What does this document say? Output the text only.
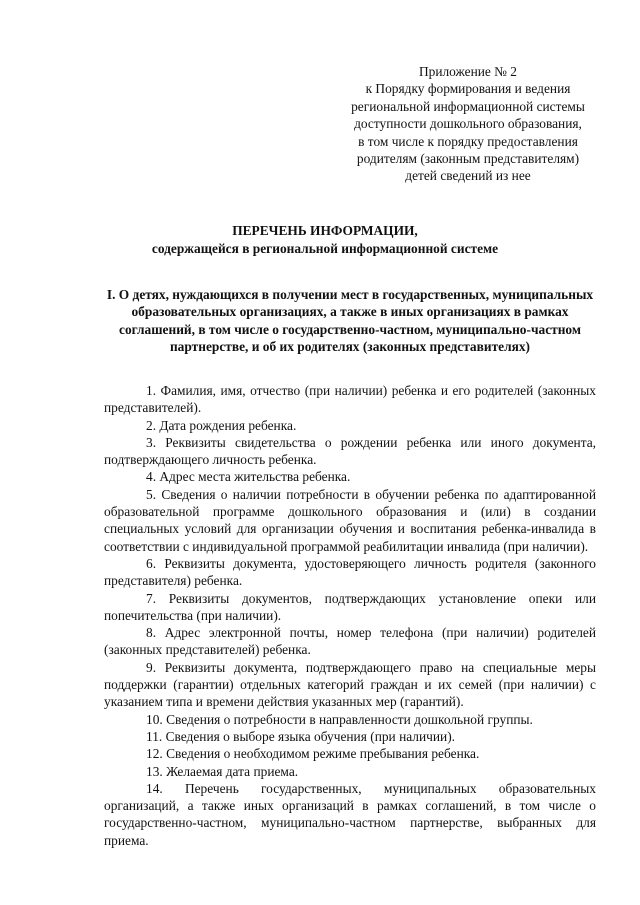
Приложение № 2
к Порядку формирования и ведения
региональной информационной системы
доступности дошкольного образования,
в том числе к порядку предоставления
родителям (законным представителям)
детей сведений из нее
ПЕРЕЧЕНЬ ИНФОРМАЦИИ,
содержащейся в региональной информационной системе
I. О детях, нуждающихся в получении мест в государственных, муниципальных образовательных организациях, а также в иных организациях в рамках соглашений, в том числе о государственно-частном, муниципально-частном партнерстве, и об их родителях (законных представителях)

1. Фамилия, имя, отчество (при наличии) ребенка и его родителей (законных представителей).

2. Дата рождения ребенка.

3. Реквизиты свидетельства о рождении ребенка или иного документа, подтверждающего личность ребенка.

4. Адрес места жительства ребенка.

5. Сведения о наличии потребности в обучении ребенка по адаптированной образовательной программе дошкольного образования и (или) в создании специальных условий для организации обучения и воспитания ребенка-инвалида в соответствии с индивидуальной программой реабилитации инвалида (при наличии).

6. Реквизиты документа, удостоверяющего личность родителя (законного представителя) ребенка.

7. Реквизиты документов, подтверждающих установление опеки или попечительства (при наличии).

8. Адрес электронной почты, номер телефона (при наличии) родителей (законных представителей) ребенка.

9. Реквизиты документа, подтверждающего право на специальные меры поддержки (гарантии) отдельных категорий граждан и их семей (при наличии) с указанием типа и времени действия указанных мер (гарантий).

10. Сведения о потребности в направленности дошкольной группы.

11. Сведения о выборе языка обучения (при наличии).

12. Сведения о необходимом режиме пребывания ребенка.

13. Желаемая дата приема.

14. Перечень государственных, муниципальных образовательных организаций, а также иных организаций в рамках соглашений, в том числе о государственно-частном, муниципально-частном партнерстве, выбранных для приема.
